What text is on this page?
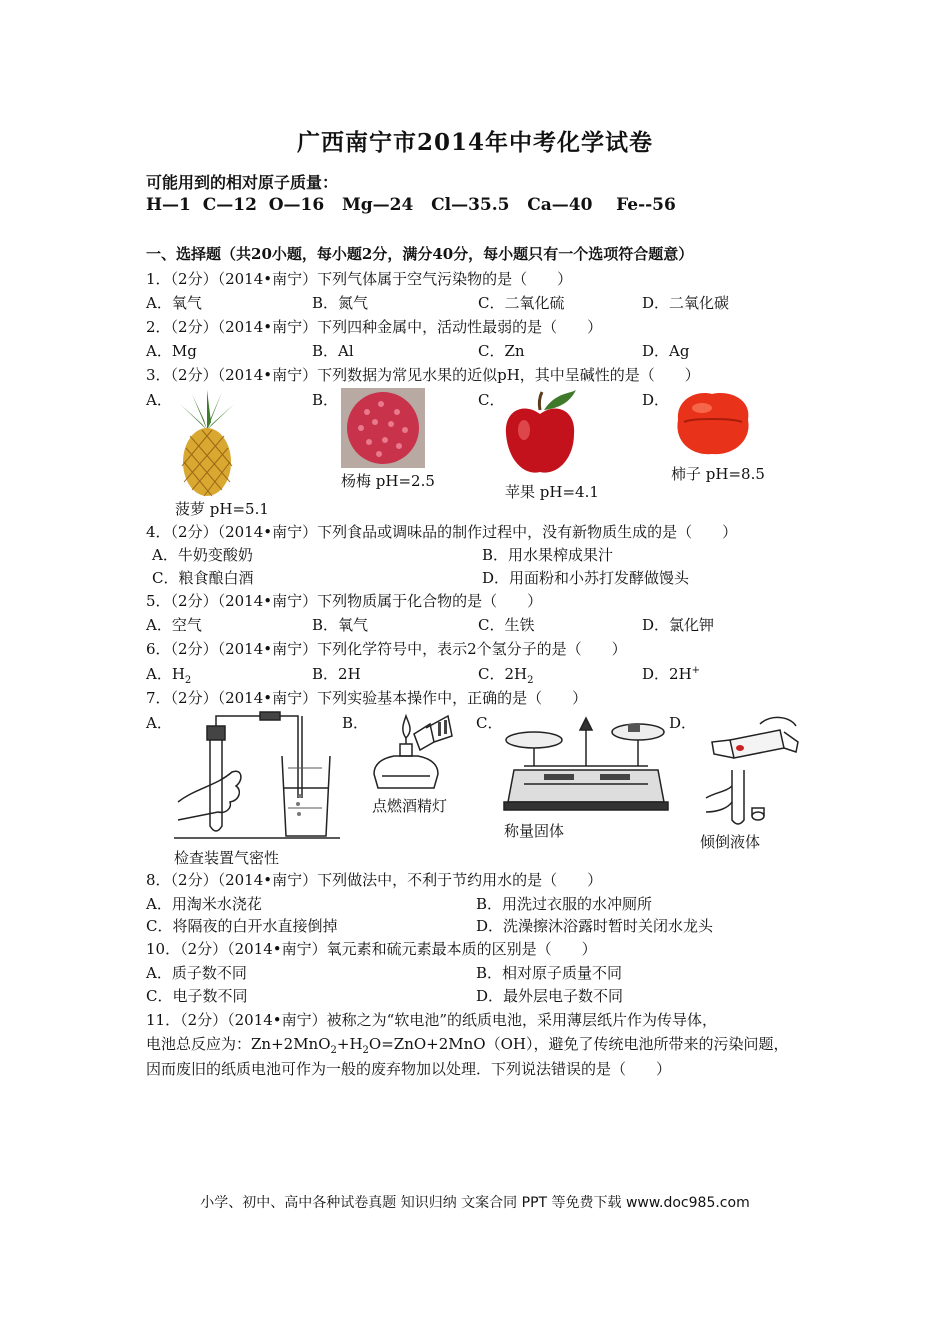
广西南宁市2014年中考化学试卷
可能用到的相对原子质量：
H—1  C—12  O—16   Mg—24   Cl—35.5   Ca—40    Fe--56
一、选择题（共20小题，每小题2分，满分40分，每小题只有一个选项符合题意）
1．（2分）（2014•南宁）下列气体属于空气污染物的是（　　）
A．氧气	B．氮气	C．二氧化硫	D．二氧化碳
2．（2分）（2014•南宁）下列四种金属中，活动性最弱的是（　　）
A．Mg	B．Al	C．Zn	D．Ag
3．（2分）（2014•南宁）下列数据为常见水果的近似pH，其中呈碱性的是（　　）
A．	B．	C．	D．
菠萝 pH=5.1
杨梅 pH=2.5
苹果 pH=4.1
柿子 pH=8.5
4．（2分）（2014•南宁）下列食品或调味品的制作过程中，没有新物质生成的是（　　）
A．牛奶变酸奶	B．用水果榨成果汁
C．粮食酿白酒	D．用面粉和小苏打发酵做馒头
5．（2分）（2014•南宁）下列物质属于化合物的是（　　）
A．空气	B．氧气	C．生铁	D．氯化钾
6．（2分）（2014•南宁）下列化学符号中，表示2个氢分子的是（　　）
A．$H_2$	B．2H	C．$2H_2$	D．2H+
7．（2分）（2014•南宁）下列实验基本操作中，正确的是（　　）
A．	B．	C．	D．
检查装置气密性
点燃酒精灯
称量固体
倾倒液体
8．（2分）（2014•南宁）下列做法中，不利于节约用水的是（　　）
A．用淘米水浇花	B．用洗过衣服的水冲厕所
C．将隔夜的白开水直接倒掉	D．洗澡擦沐浴露时暂时关闭水龙头
10．（2分）（2014•南宁）氧元素和硫元素最本质的区别是（　　）
A．质子数不同	B．相对原子质量不同
C．电子数不同	D．最外层电子数不同
11．（2分）（2014•南宁）被称之为“软电池”的纸质电池，采用薄层纸片作为传导体，
电池总反应为：$Zn+2MnO_2+H_2O=ZnO+2MnO(OH)$，避免了传统电池所带来的污染问题，
因而废旧的纸质电池可作为一般的废弃物加以处理．下列说法错误的是（　　）
小学、初中、高中各种试卷真题 知识归纳 文案合同 PPT 等免费下载 www.doc985.com
